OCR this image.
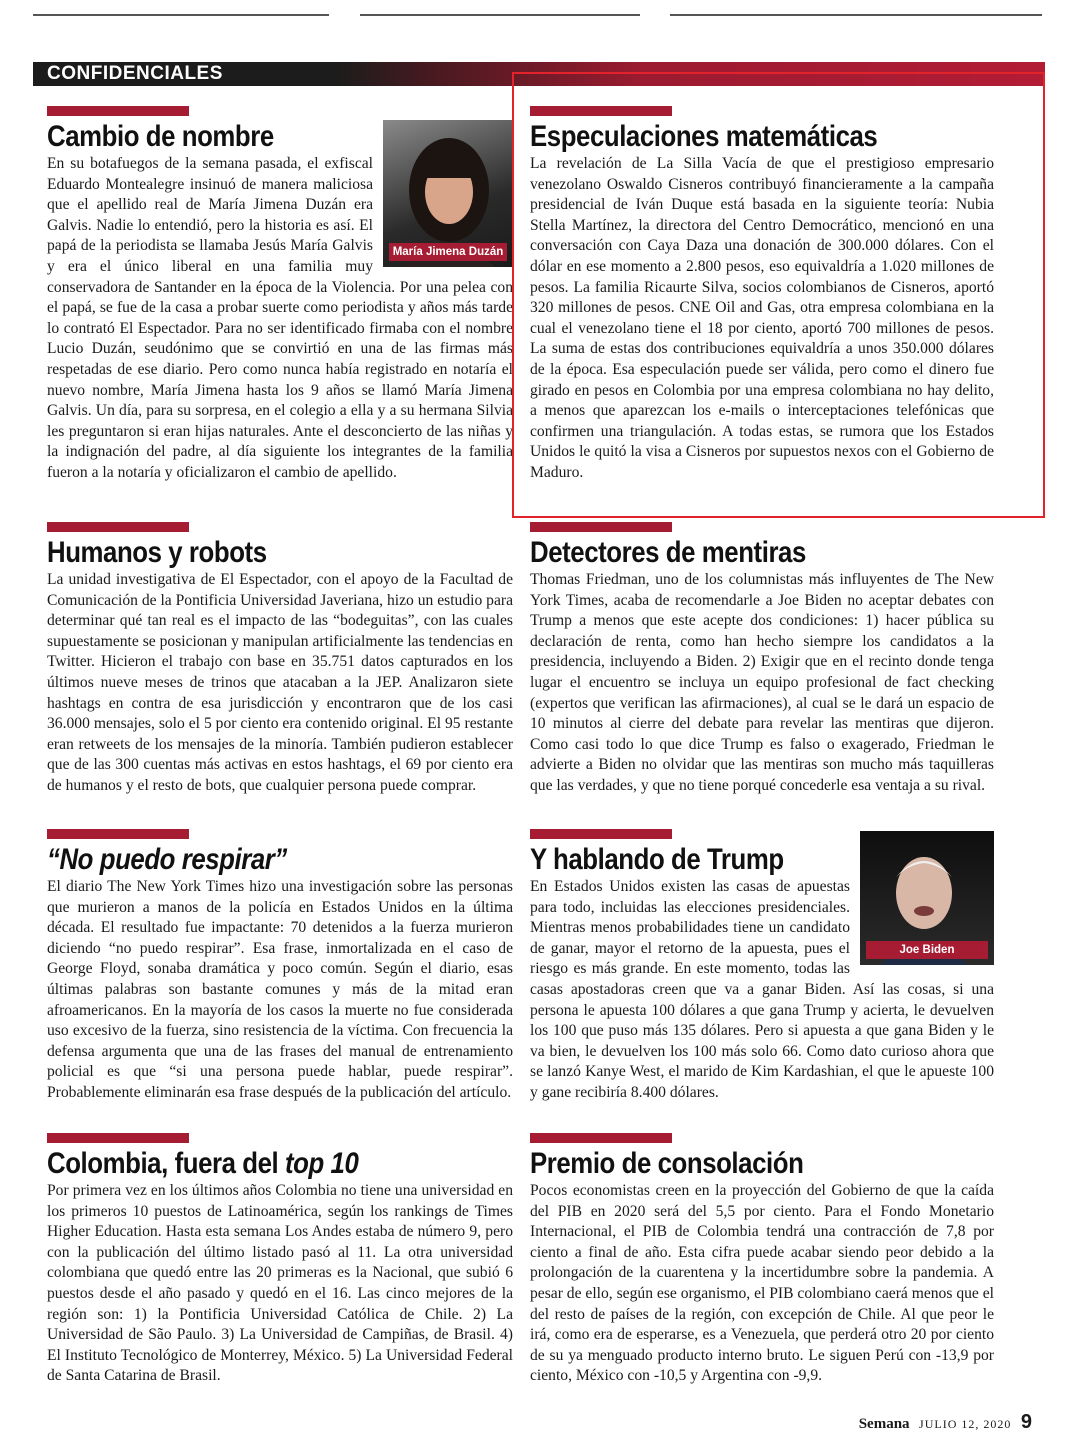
CONFIDENCIALES
María Jimena Duzán
Cambio de nombre

En su botafuegos de la semana pasada, el exfiscal Eduardo Montealegre insinuó de manera maliciosa que el apellido real de María Jimena Duzán era Galvis. Nadie lo entendió, pero la historia es así. El papá de la periodista se llamaba Jesús María Galvis y era el único liberal en una familia muy conservadora de Santander en la época de la Violencia. Por una pelea con el papá, se fue de la casa a probar suerte como periodista y años más tarde lo contrató El Espectador. Para no ser identificado firmaba con el nombre Lucio Duzán, seudónimo que se convirtió en una de las firmas más respetadas de ese diario. Pero como nunca había registrado en notaría el nuevo nombre, María Jimena hasta los 9 años se llamó María Jimena Galvis. Un día, para su sorpresa, en el colegio a ella y a su hermana Silvia les preguntaron si eran hijas naturales. Ante el desconcierto de las niñas y la indignación del padre, al día siguiente los integrantes de la familia fueron a la notaría y oficializaron el cambio de apellido.

Humanos y robots

La unidad investigativa de El Espectador, con el apoyo de la Facultad de Comunicación de la Pontificia Universidad Javeriana, hizo un estudio para determinar qué tan real es el impacto de las “bodeguitas”, con las cuales supuestamente se posicionan y manipulan artificialmente las tendencias en Twitter. Hicieron el trabajo con base en 35.751 datos capturados en los últimos nueve meses de trinos que atacaban a la JEP. Analizaron siete hashtags en contra de esa jurisdicción y encontraron que de los casi 36.000 mensajes, solo el 5 por ciento era contenido original. El 95 restante eran retweets de los mensajes de la minoría. También pudieron establecer que de las 300 cuentas más activas en estos hashtags, el 69 por ciento era de humanos y el resto de bots, que cualquier persona puede comprar.

“No puedo respirar”

El diario The New York Times hizo una investigación sobre las personas que murieron a manos de la policía en Estados Unidos en la última década. El resultado fue impactante: 70 detenidos a la fuerza murieron diciendo “no puedo respirar”. Esa frase, inmortalizada en el caso de George Floyd, sonaba dramática y poco común. Según el diario, esas últimas palabras son bastante comunes y más de la mitad eran afroamericanos. En la mayoría de los casos la muerte no fue considerada uso excesivo de la fuerza, sino resistencia de la víctima. Con frecuencia la defensa argumenta que una de las frases del manual de entrenamiento policial es que “si una persona puede hablar, puede respirar”. Probablemente eliminarán esa frase después de la publicación del artículo.

Colombia, fuera del top 10

Por primera vez en los últimos años Colombia no tiene una universidad en los primeros 10 puestos de Latinoamérica, según los rankings de Times Higher Education. Hasta esta semana Los Andes estaba de número 9, pero con la publicación del último listado pasó al 11. La otra universidad colombiana que quedó entre las 20 primeras es la Nacional, que subió 6 puestos desde el año pasado y quedó en el 16. Las cinco mejores de la región son: 1) la Pontificia Universidad Católica de Chile. 2) La Universidad de São Paulo. 3) La Universidad de Campiñas, de Brasil. 4) El Instituto Tecnológico de Monterrey, México. 5) La Universidad Federal de Santa Catarina de Brasil.

Especulaciones matemáticas

La revelación de La Silla Vacía de que el prestigioso empresario venezolano Oswaldo Cisneros contribuyó financieramente a la campaña presidencial de Iván Duque está basada en la siguiente teoría: Nubia Stella Martínez, la directora del Centro Democrático, mencionó en una conversación con Caya Daza una donación de 300.000 dólares. Con el dólar en ese momento a 2.800 pesos, eso equivaldría a 1.020 millones de pesos. La familia Ricaurte Silva, socios colombianos de Cisneros, aportó 320 millones de pesos. CNE Oil and Gas, otra empresa colombiana en la cual el venezolano tiene el 18 por ciento, aportó 700 millones de pesos. La suma de estas dos contribuciones equivaldría a unos 350.000 dólares de la época. Esa especulación puede ser válida, pero como el dinero fue girado en pesos en Colombia por una empresa colombiana no hay delito, a menos que aparezcan los e-mails o interceptaciones telefónicas que confirmen una triangulación. A todas estas, se rumora que los Estados Unidos le quitó la visa a Cisneros por supuestos nexos con el Gobierno de Maduro.

Detectores de mentiras

Thomas Friedman, uno de los columnistas más influyentes de The New York Times, acaba de recomendarle a Joe Biden no aceptar debates con Trump a menos que este acepte dos condiciones: 1) hacer pública su declaración de renta, como han hecho siempre los candidatos a la presidencia, incluyendo a Biden. 2) Exigir que en el recinto donde tenga lugar el encuentro se incluya un equipo profesional de fact checking (expertos que verifican las afirmaciones), al cual se le dará un espacio de 10 minutos al cierre del debate para revelar las mentiras que dijeron. Como casi todo lo que dice Trump es falso o exagerado, Friedman le advierte a Biden no olvidar que las mentiras son mucho más taquilleras que las verdades, y que no tiene porqué concederle esa ventaja a su rival.

Joe Biden
Y hablando de Trump

En Estados Unidos existen las casas de apuestas para todo, incluidas las elecciones presidenciales. Mientras menos probabilidades tiene un candidato de ganar, mayor el retorno de la apuesta, pues el riesgo es más grande. En este momento, todas las casas apostadoras creen que va a ganar Biden. Así las cosas, si una persona le apuesta 100 dólares a que gana Trump y acierta, le devuelven los 100 que puso más 135 dólares. Pero si apuesta a que gana Biden y le va bien, le devuelven los 100 más solo 66. Como dato curioso ahora que se lanzó Kanye West, el marido de Kim Kardashian, el que le apueste 100 y gane recibiría 8.400 dólares.

Premio de consolación

Pocos economistas creen en la proyección del Gobierno de que la caída del PIB en 2020 será del 5,5 por ciento. Para el Fondo Monetario Internacional, el PIB de Colombia tendrá una contracción de 7,8 por ciento a final de año. Esta cifra puede acabar siendo peor debido a la prolongación de la cuarentena y la incertidumbre sobre la pandemia. A pesar de ello, según ese organismo, el PIB colombiano caerá menos que el del resto de países de la región, con excepción de Chile. Al que peor le irá, como era de esperarse, es a Venezuela, que perderá otro 20 por ciento de su ya menguado producto interno bruto. Le siguen Perú con -13,9 por ciento, México con -10,5 y Argentina con -9,9.

Semana JULIO 12, 2020 9
